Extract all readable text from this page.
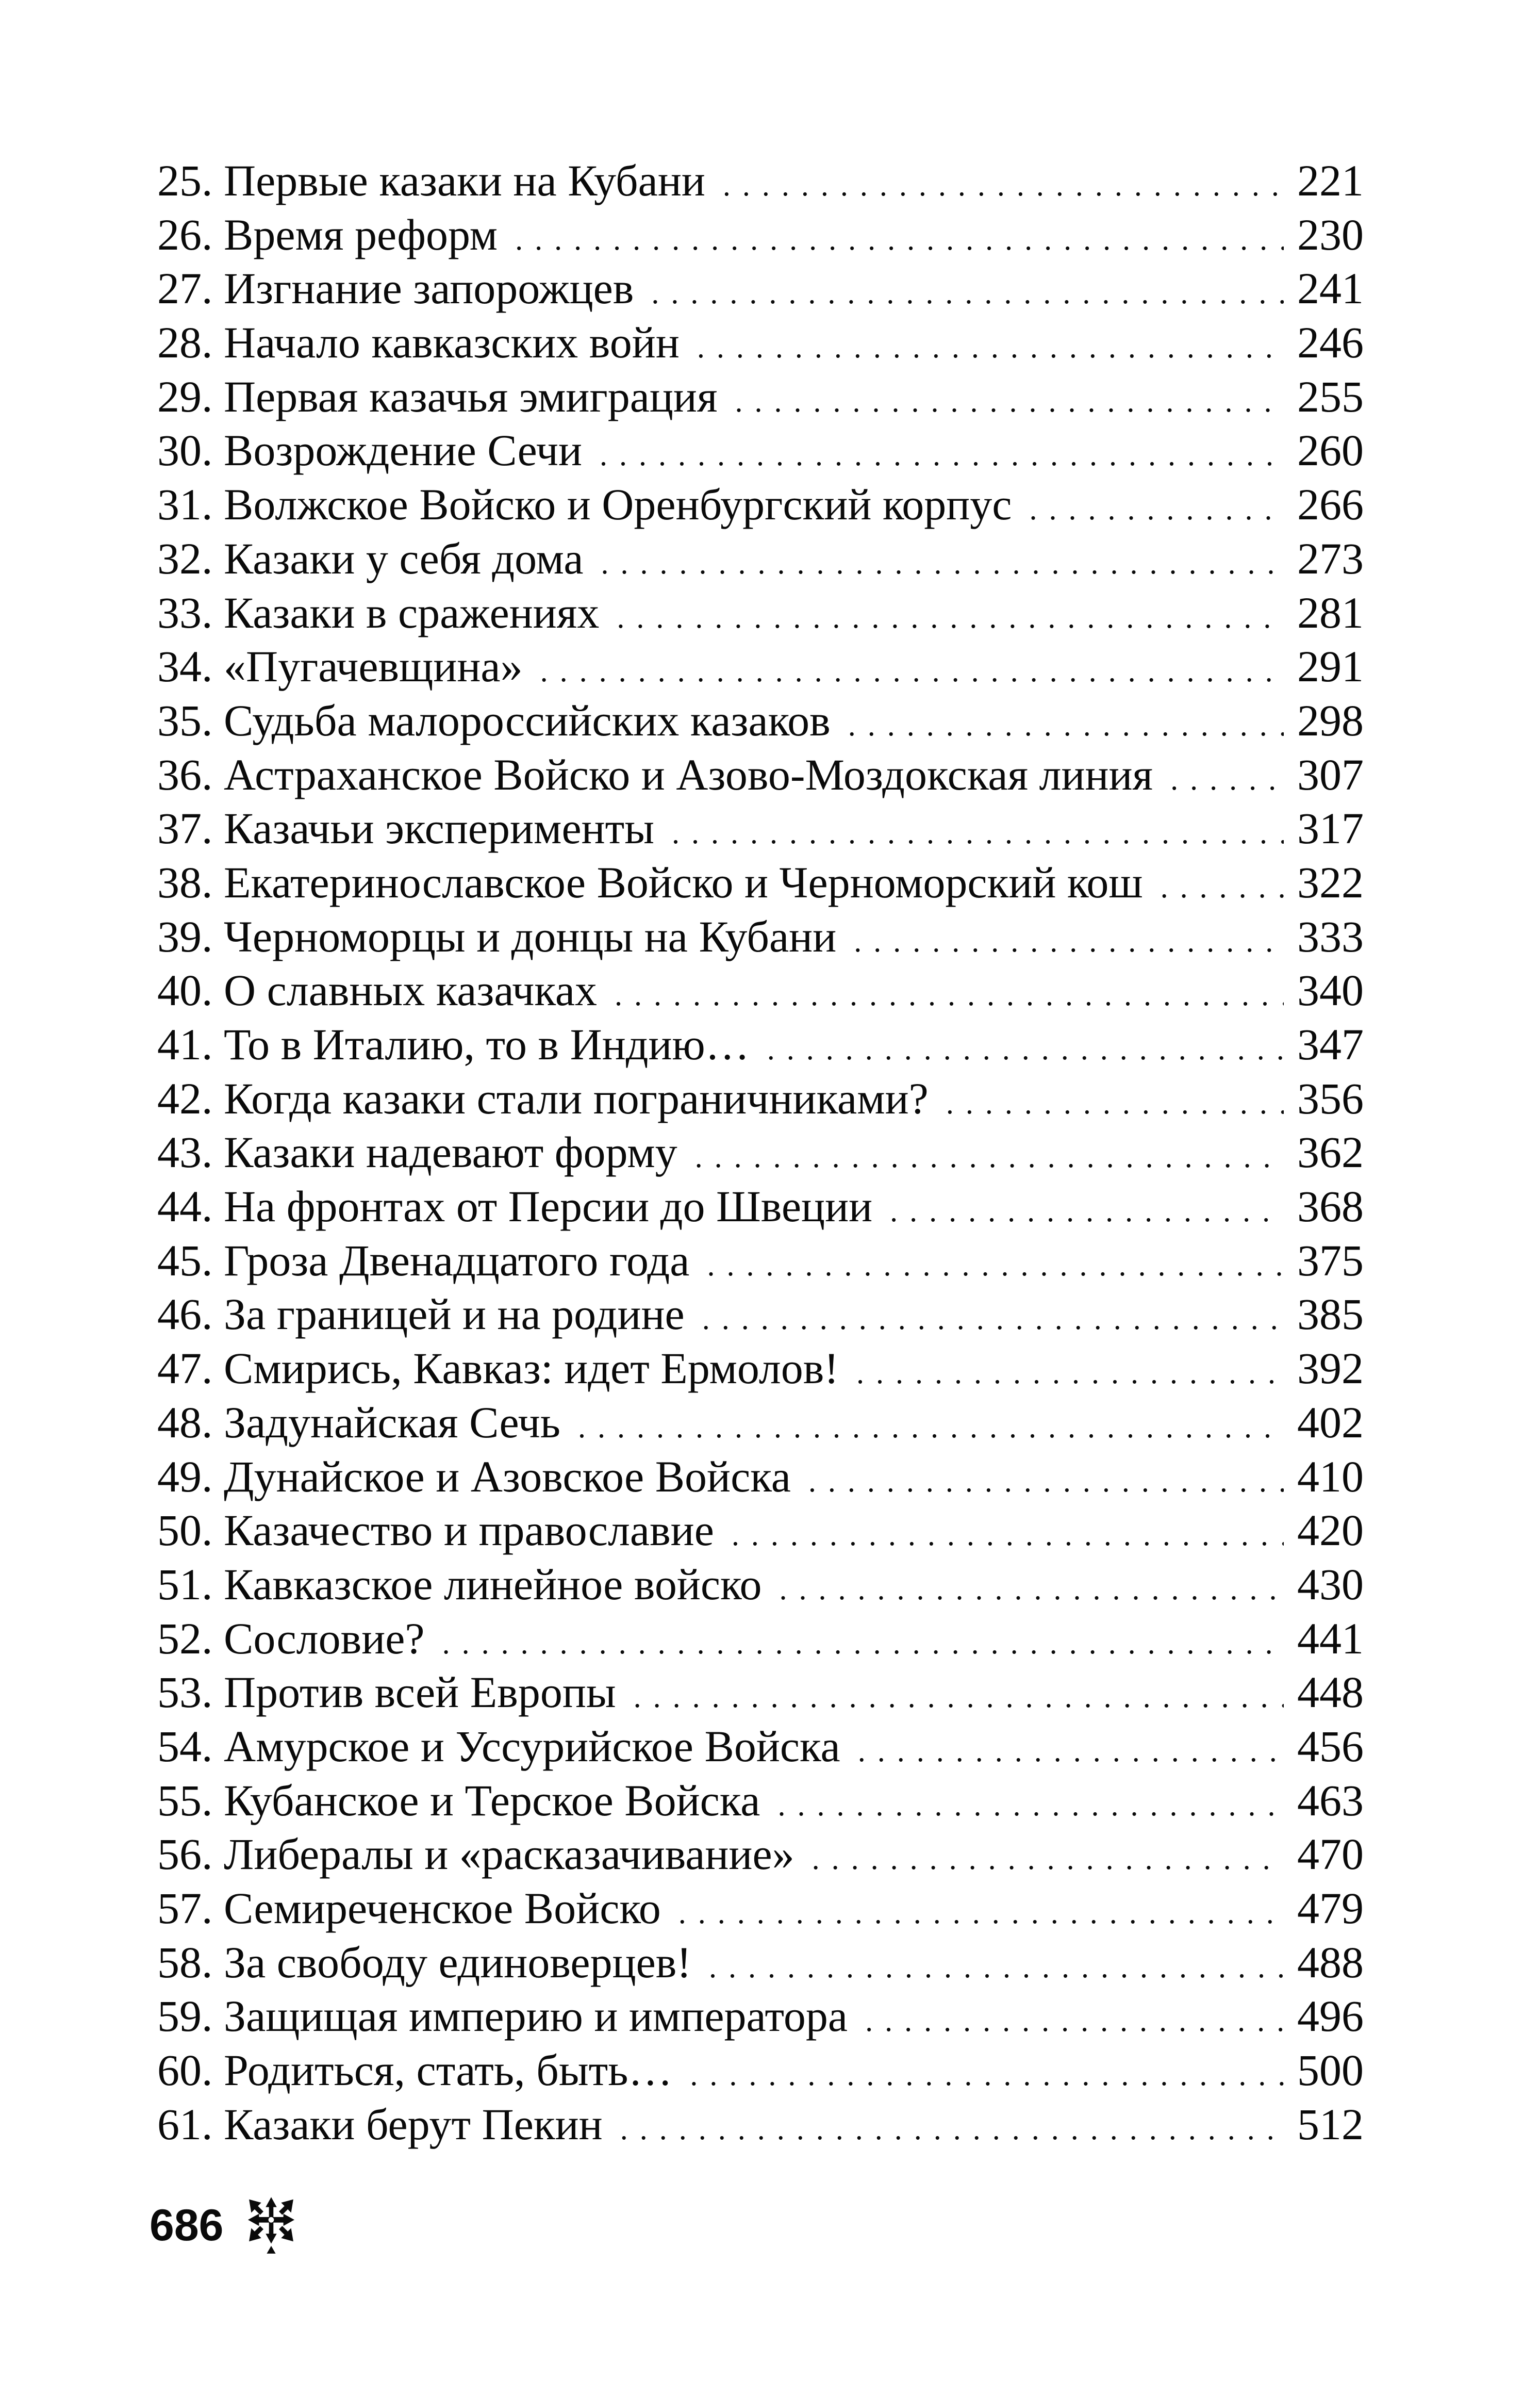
25. Первые казаки на Кубани . . .	221
26. Время реформ . . .	230
27. Изгнание запорожцев . . .	241
28. Начало кавказских войн . . .	246
29. Первая казачья эмиграция . . .	255
30. Возрождение Сечи . . .	260
31. Волжское Войско и Оренбургский корпус . . .	266
32. Казаки у себя дома . . .	273
33. Казаки в сражениях . . .	281
34. «Пугачевщина» . . .	291
35. Судьба малороссийских казаков . . .	298
36. Астраханское Войско и Азово-Моздокская линия . . .	307
37. Казачьи эксперименты . . .	317
38. Екатеринославское Войско и Черноморский кош . . .	322
39. Черноморцы и донцы на Кубани . . .	333
40. О славных казачках . . .	340
41. То в Италию, то в Индию… . . .	347
42. Когда казаки стали пограничниками? . . .	356
43. Казаки надевают форму . . .	362
44. На фронтах от Персии до Швеции . . .	368
45. Гроза Двенадцатого года . . .	375
46. За границей и на родине . . .	385
47. Смирись, Кавказ: идет Ермолов! . . .	392
48. Задунайская Сечь . . .	402
49. Дунайское и Азовское Войска . . .	410
50. Казачество и православие . . .	420
51. Кавказское линейное войско . . .	430
52. Сословие? . . .	441
53. Против всей Европы . . .	448
54. Амурское и Уссурийское Войска . . .	456
55. Кубанское и Терское Войска . . .	463
56. Либералы и «расказачивание» . . .	470
57. Семиреченское Войско . . .	479
58. За свободу единоверцев! . . .	488
59. Защищая империю и императора . . .	496
60. Родиться, стать, быть… . . .	500
61. Казаки берут Пекин . . .	512
686
